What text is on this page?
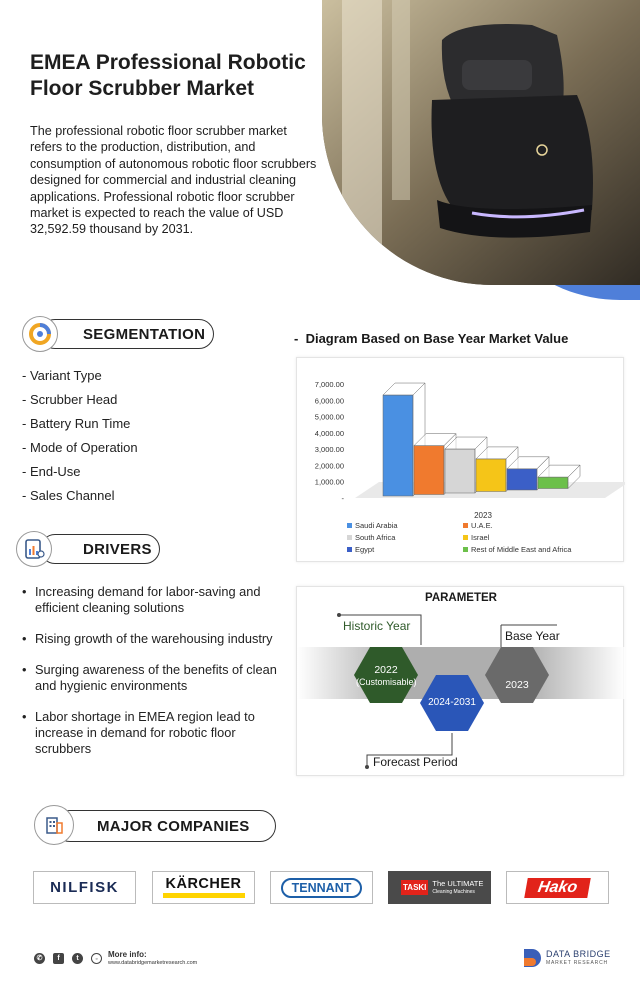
EMEA Professional Robotic Floor Scrubber Market
The professional robotic floor scrubber market refers to the production, distribution, and consumption of autonomous robotic floor scrubbers designed for commercial and industrial cleaning applications. Professional robotic floor scrubber market is expected to reach the value of USD 32,592.59 thousand by 2031.
SEGMENTATION
- Variant Type
- Scrubber Head
- Battery Run Time
- Mode of Operation
- End-Use
- Sales Channel
DRIVERS
• Increasing demand for labor-saving and efficient cleaning solutions
• Rising growth of the warehousing industry
• Surging awareness of the benefits of clean and hygienic environments
• Labor shortage in EMEA region lead to increase in demand for robotic floor scrubbers
-  Diagram Based on Base Year Market Value
7,000.00
6,000.00
5,000.00
4,000.00
3,000.00
2,000.00
1,000.00
-
2023
Saudi Arabia	U.A.E.
South Africa	Israel
Egypt	Rest of Middle East and Africa
PARAMETER
Historic Year
Base Year
Forecast Period
2022
(Customisable)
2024-2031
2023
MAJOR COMPANIES
NILFISK	KÄRCHER	TENNANT	TASKI The ULTIMATE
Cleaning Machines	Hako
✆	f	t	◦
More info:
www.databridgemarketresearch.com
DATA BRIDGE
MARKET RESEARCH
